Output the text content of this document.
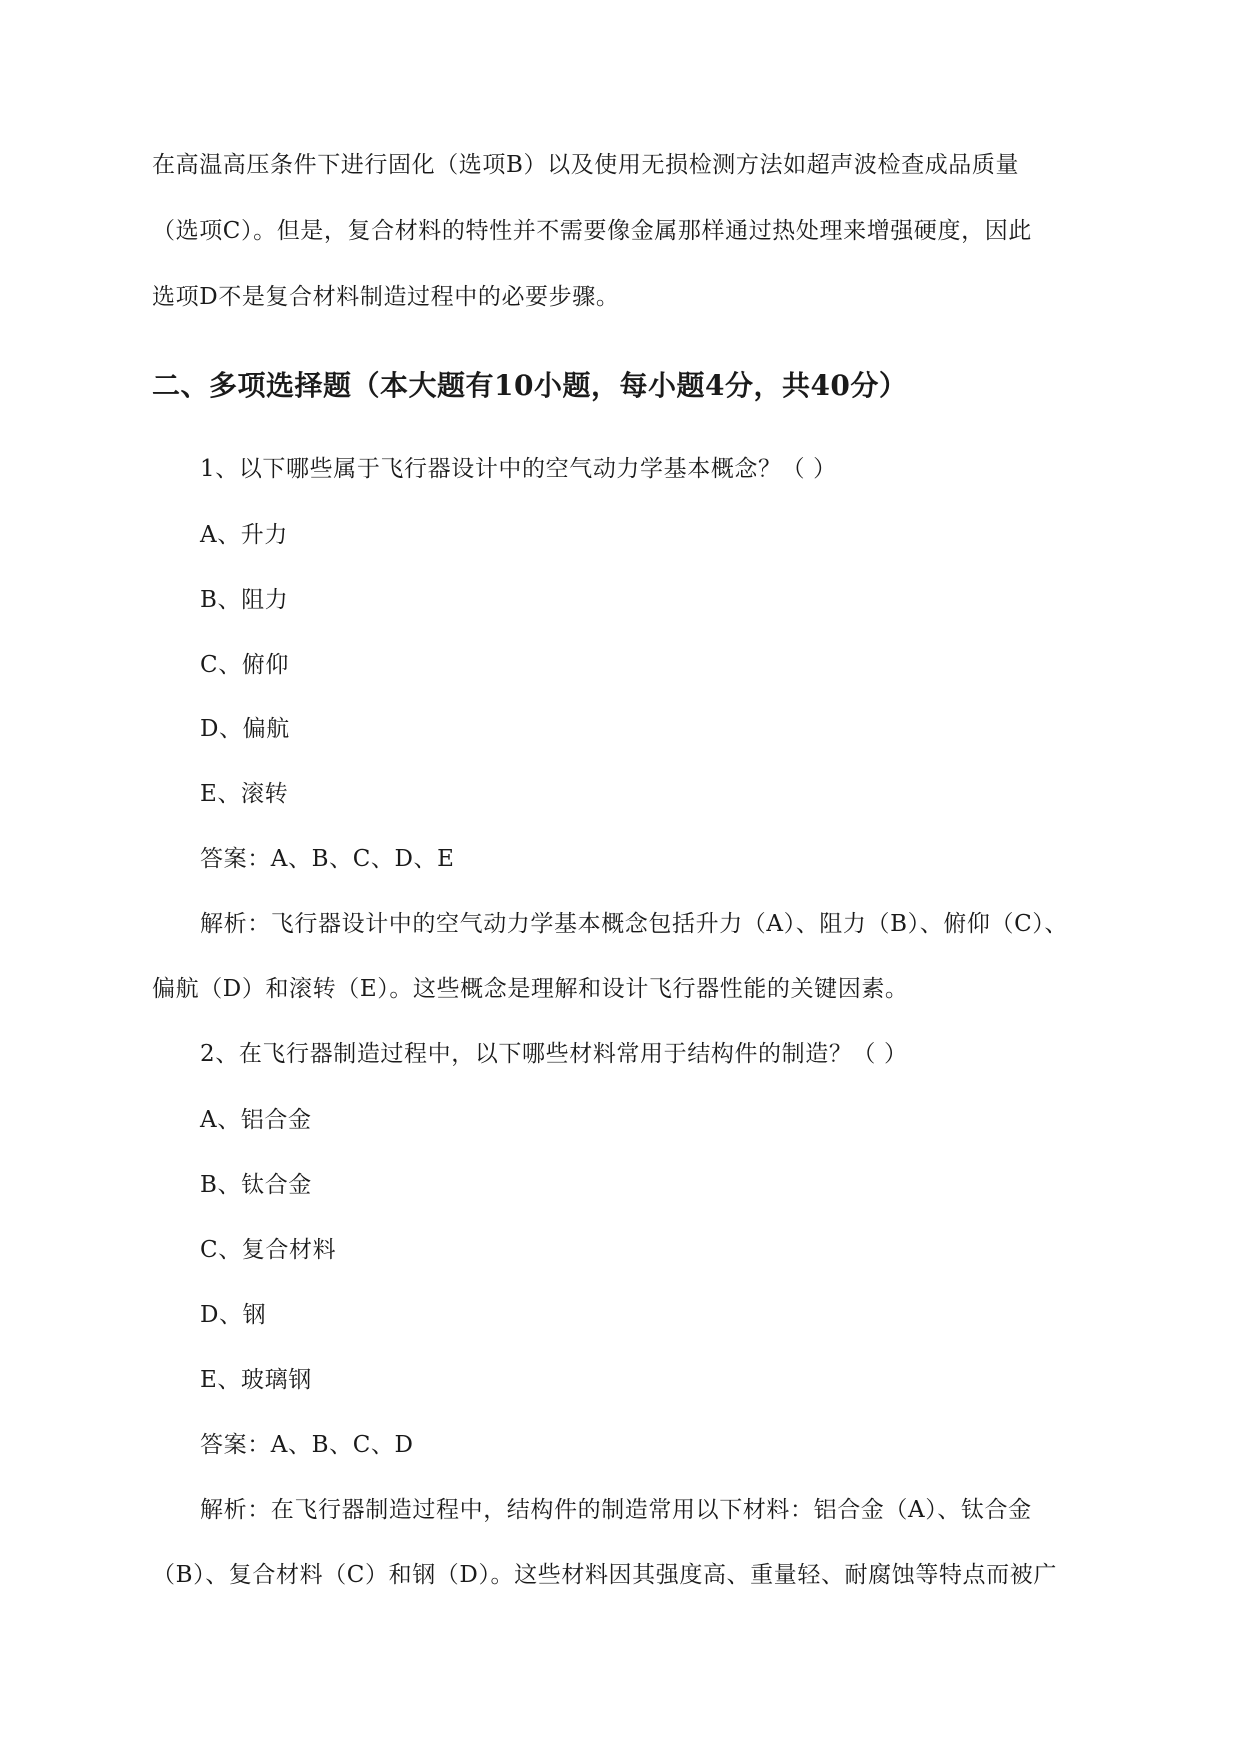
在高温高压条件下进行固化（选项B）以及使用无损检测方法如超声波检查成品质量
（选项C）。但是，复合材料的特性并不需要像金属那样通过热处理来增强硬度，因此
选项D不是复合材料制造过程中的必要步骤。
二、多项选择题（本大题有10小题，每小题4分，共40分）
1、以下哪些属于飞行器设计中的空气动力学基本概念？（ ）
A、升力
B、阻力
C、俯仰
D、偏航
E、滚转
答案：A、B、C、D、E
解析：飞行器设计中的空气动力学基本概念包括升力（A）、阻力（B）、俯仰（C）、
偏航（D）和滚转（E）。这些概念是理解和设计飞行器性能的关键因素。
2、在飞行器制造过程中，以下哪些材料常用于结构件的制造？（ ）
A、铝合金
B、钛合金
C、复合材料
D、钢
E、玻璃钢
答案：A、B、C、D
解析：在飞行器制造过程中，结构件的制造常用以下材料：铝合金（A）、钛合金
（B）、复合材料（C）和钢（D）。这些材料因其强度高、重量轻、耐腐蚀等特点而被广
